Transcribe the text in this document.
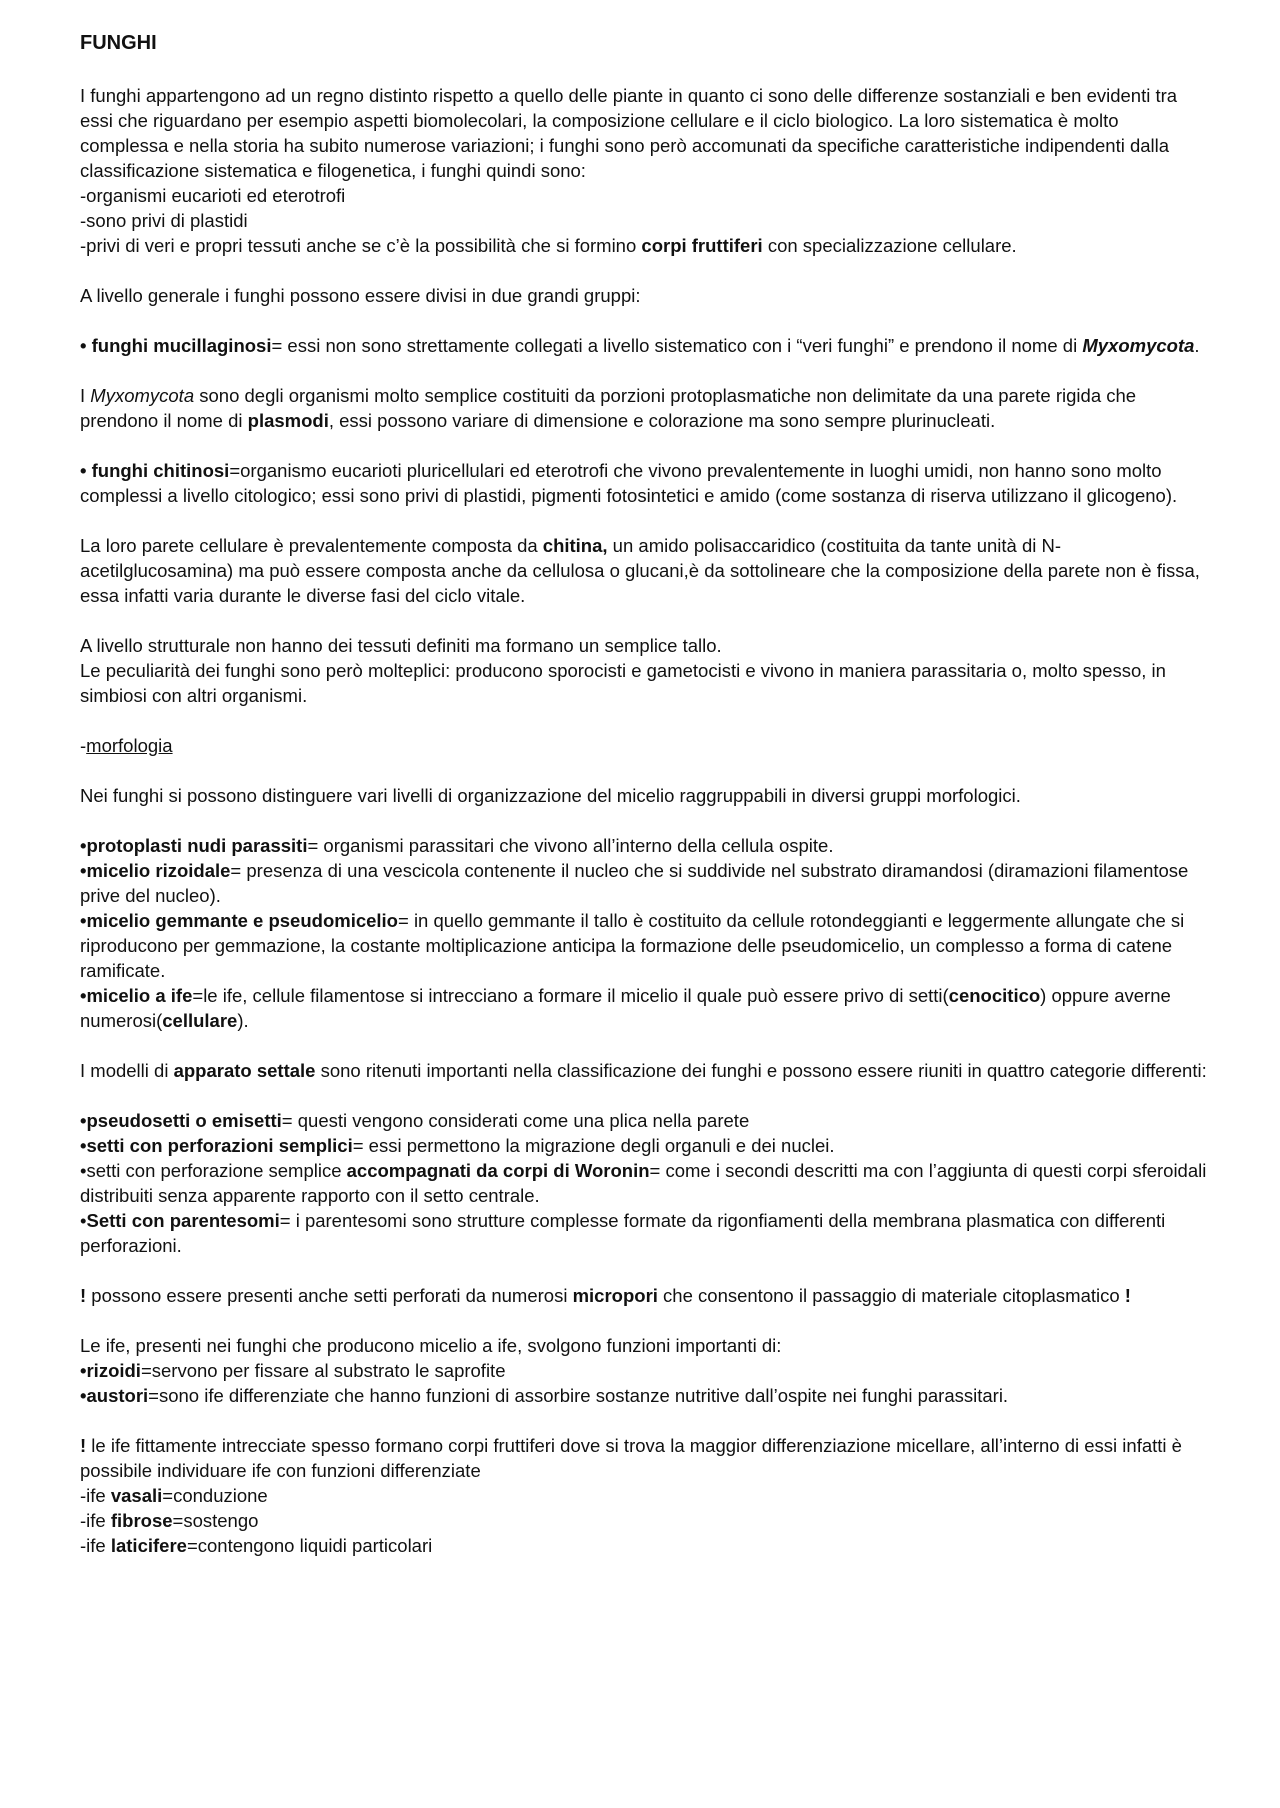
FUNGHI

I funghi appartengono ad un regno distinto rispetto a quello delle piante in quanto ci sono delle differenze sostanziali e ben evidenti tra essi che riguardano per esempio aspetti biomolecolari, la composizione cellulare e il ciclo biologico. La loro sistematica è molto complessa e nella storia ha subito numerose variazioni; i funghi sono però accomunati da specifiche caratteristiche indipendenti dalla classificazione sistematica e filogenetica, i funghi quindi sono:
-organismi eucarioti ed eterotrofi
-sono privi di plastidi
-privi di veri e propri tessuti anche se c’è la possibilità che si formino corpi fruttiferi con specializzazione cellulare.

A livello generale i funghi possono essere divisi in due grandi gruppi:

• funghi mucillaginosi= essi non sono strettamente collegati a livello sistematico con i “veri funghi” e prendono il nome di Myxomycota.

I Myxomycota sono degli organismi molto semplice costituiti da porzioni protoplasmatiche non delimitate da una parete rigida che prendono il nome di plasmodi, essi possono variare di dimensione e colorazione ma sono sempre plurinucleati.

• funghi chitinosi=organismo eucarioti pluricellulari ed eterotrofi che vivono prevalentemente in luoghi umidi, non hanno sono molto complessi a livello citologico; essi sono privi di plastidi, pigmenti fotosintetici e amido (come sostanza di riserva utilizzano il glicogeno).

La loro parete cellulare è prevalentemente composta da chitina, un amido polisaccaridico (costituita da tante unità di N-acetilglucosamina) ma può essere composta anche da cellulosa o glucani,è da sottolineare che la composizione della parete non è fissa, essa infatti varia durante le diverse fasi del ciclo vitale.

A livello strutturale non hanno dei tessuti definiti ma formano un semplice tallo.
Le peculiarità dei funghi sono però molteplici: producono sporocisti e gametocisti e vivono in maniera parassitaria o, molto spesso, in simbiosi con altri organismi.

-morfologia

Nei funghi si possono distinguere vari livelli di organizzazione del micelio raggruppabili in diversi gruppi morfologici.

•protoplasti nudi parassiti= organismi parassitari che vivono all’interno della cellula ospite.
•micelio rizoidale= presenza di una vescicola contenente il nucleo che si suddivide nel substrato diramandosi (diramazioni filamentose prive del nucleo).
•micelio gemmante e pseudomicelio= in quello gemmante il tallo è costituito da cellule rotondeggianti e leggermente allungate che si riproducono per gemmazione, la costante moltiplicazione anticipa la formazione delle pseudomicelio, un complesso a forma di catene ramificate.
•micelio a ife=le ife, cellule filamentose si intrecciano a formare il micelio il quale può essere privo di setti(cenocitico) oppure averne numerosi(cellulare).

I modelli di apparato settale sono ritenuti importanti nella classificazione dei funghi e possono essere riuniti in quattro categorie differenti:

•pseudosetti o emisetti= questi vengono considerati come una plica nella parete
•setti con perforazioni semplici= essi permettono la migrazione degli organuli e dei nuclei.
•setti con perforazione semplice accompagnati da corpi di Woronin= come i secondi descritti ma con l’aggiunta di questi corpi sferoidali distribuiti senza apparente rapporto con il setto centrale.
•Setti con parentesomi= i parentesomi sono strutture complesse formate da rigonfiamenti della membrana plasmatica con differenti perforazioni.

! possono essere presenti anche setti perforati da numerosi micropori che consentono il passaggio di materiale citoplasmatico !

Le ife, presenti nei funghi che producono micelio a ife, svolgono funzioni importanti di:
•rizoidi=servono per fissare al substrato le saprofite
•austori=sono ife differenziate che hanno funzioni di assorbire sostanze nutritive dall’ospite nei funghi parassitari.

! le ife fittamente intrecciate spesso formano corpi fruttiferi dove si trova la maggior differenziazione micellare, all’interno di essi infatti è possibile individuare ife con funzioni differenziate
-ife vasali=conduzione
-ife fibrose=sostengo
-ife laticifere=contengono liquidi particolari
